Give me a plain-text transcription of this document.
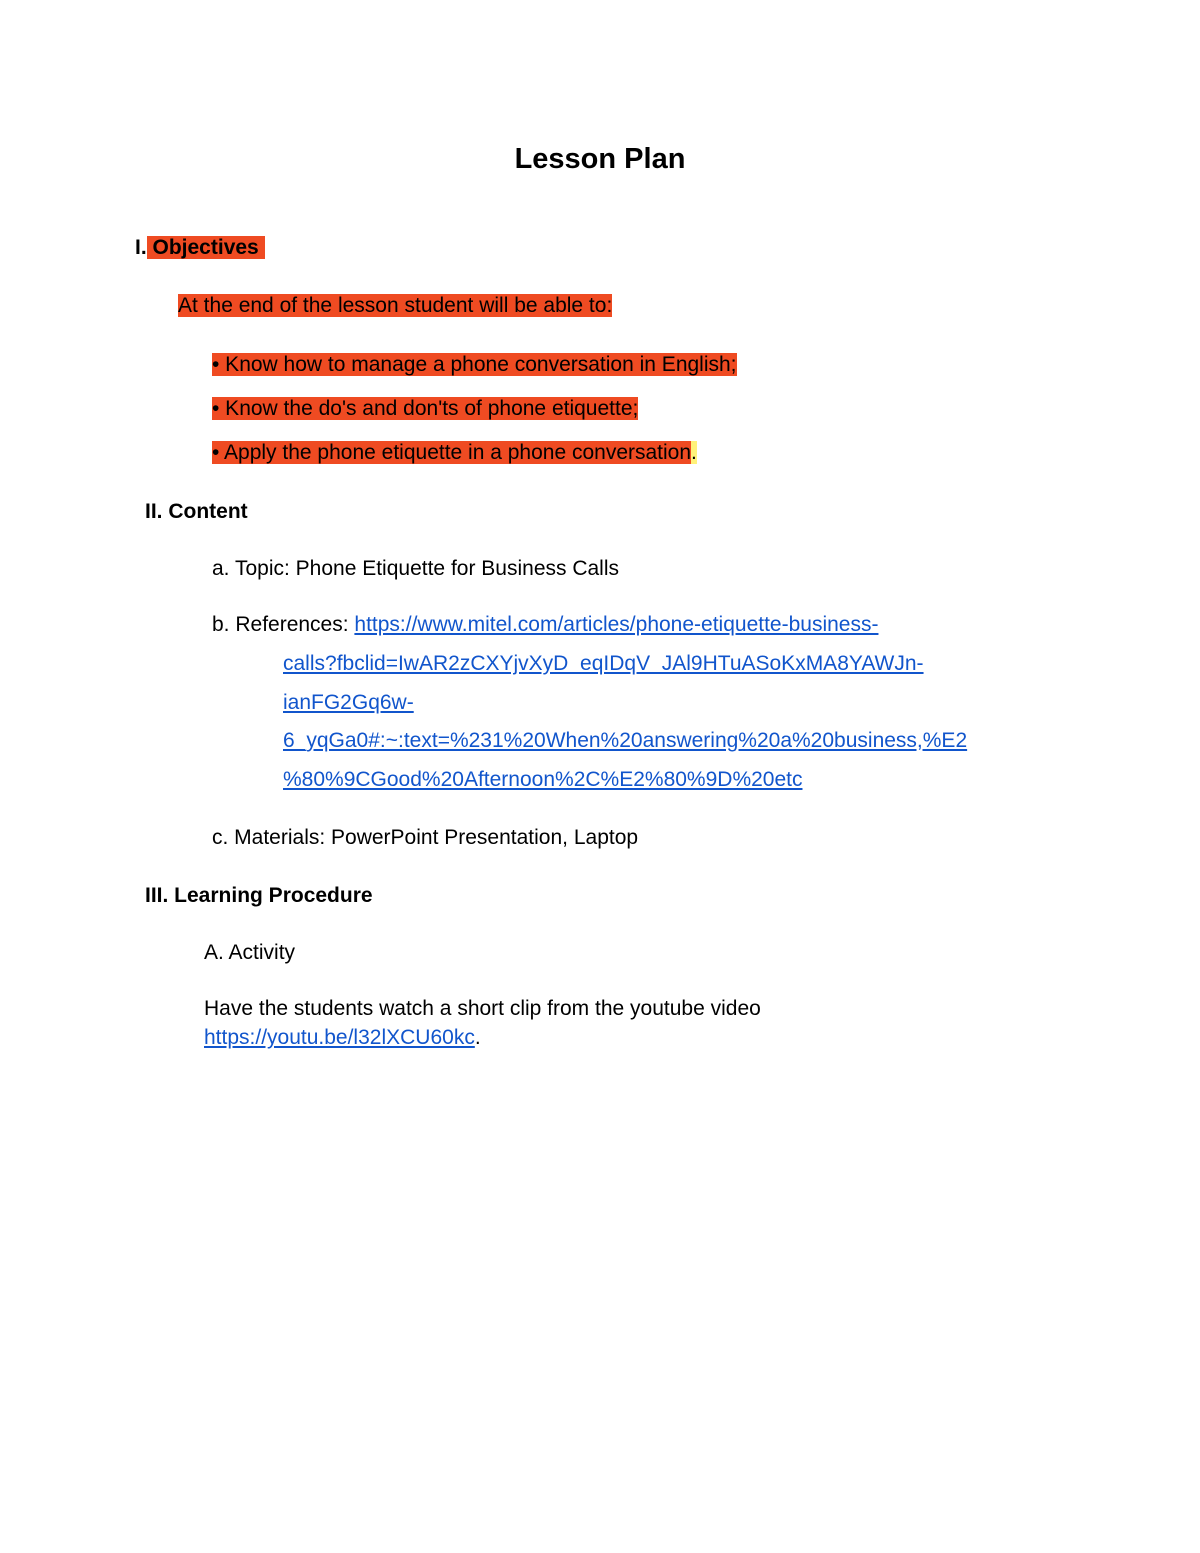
Lesson Plan
I. Objectives
At the end of the lesson student will be able to:
• Know how to manage a phone conversation in English;
• Know the do's and don'ts of phone etiquette;
• Apply the phone etiquette in a phone conversation.
II. Content
a. Topic: Phone Etiquette for Business Calls
b. References: https://www.mitel.com/articles/phone-etiquette-business-
calls?fbclid=IwAR2zCXYjvXyD_eqIDqV_JAl9HTuASoKxMA8YAWJn-
ianFG2Gq6w-
6_yqGa0#:~:text=%231%20When%20answering%20a%20business,%E2
%80%9CGood%20Afternoon%2C%E2%80%9D%20etc
c. Materials: PowerPoint Presentation, Laptop
III. Learning Procedure
A. Activity
Have the students watch a short clip from the youtube video
https://youtu.be/l32lXCU60kc.
